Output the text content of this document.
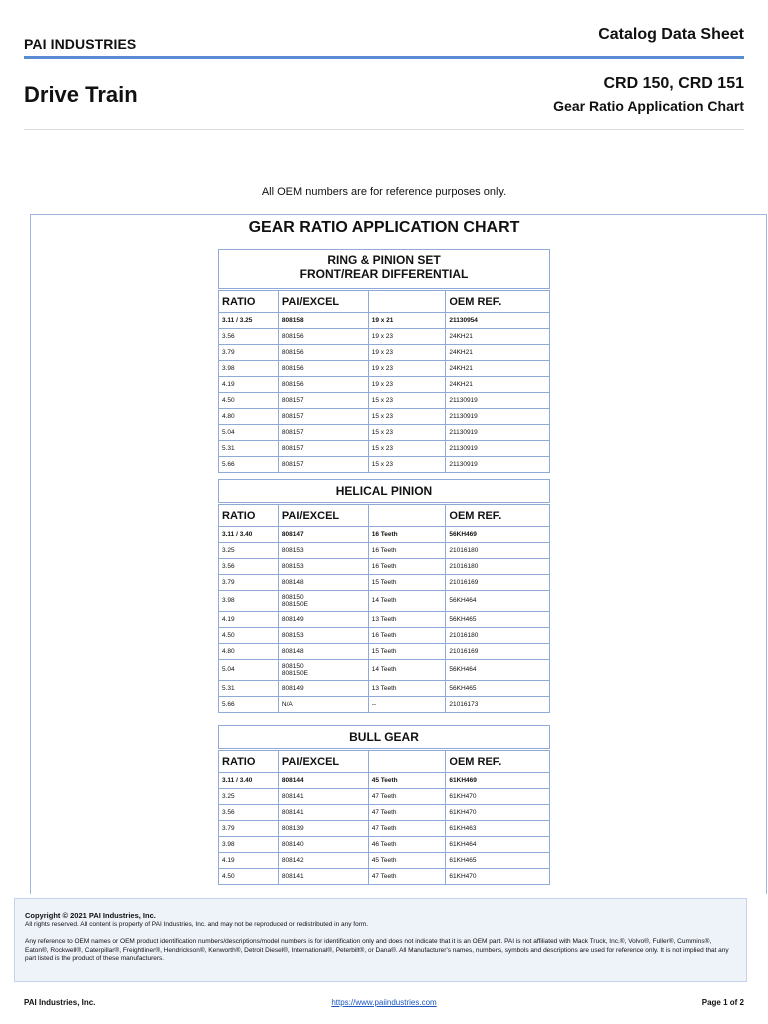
PAI INDUSTRIES
Catalog Data Sheet
Drive Train	CRD 150, CRD 151
Gear Ratio Application Chart
All OEM numbers are for reference purposes only.
GEAR RATIO APPLICATION CHART
RING & PINION SET
FRONT/REAR DIFFERENTIAL
RATIO	PAI/EXCEL		OEM REF.
3.11 / 3.25	808158	19 x 21	21130954
3.56	808156	19 x 23	24KH21
3.79	808156	19 x 23	24KH21
3.98	808156	19 x 23	24KH21
4.19	808156	19 x 23	24KH21
4.50	808157	15 x 23	21130919
4.80	808157	15 x 23	21130919
5.04	808157	15 x 23	21130919
5.31	808157	15 x 23	21130919
5.66	808157	15 x 23	21130919
HELICAL PINION
RATIO	PAI/EXCEL		OEM REF.
3.11 / 3.40	808147	16 Teeth	56KH469
3.25	808153	16 Teeth	21016180
3.56	808153	16 Teeth	21016180
3.79	808148	15 Teeth	21016169
3.98	808150
808150E	14 Teeth	56KH464
4.19	808149	13 Teeth	56KH465
4.50	808153	16 Teeth	21016180
4.80	808148	15 Teeth	21016169
5.04	808150
808150E	14 Teeth	56KH464
5.31	808149	13 Teeth	56KH465
5.66	N/A	--	21016173
BULL GEAR
RATIO	PAI/EXCEL		OEM REF.
3.11 / 3.40	808144	45 Teeth	61KH469
3.25	808141	47 Teeth	61KH470
3.56	808141	47 Teeth	61KH470
3.79	808139	47 Teeth	61KH463
3.98	808140	46 Teeth	61KH464
4.19	808142	45 Teeth	61KH465
4.50	808141	47 Teeth	61KH470

Copyright © 2021 PAI Industries, Inc.

All rights reserved. All content is property of PAI Industries, Inc. and may not be reproduced or redistributed in any form.

Any reference to OEM names or OEM product identification numbers/descriptions/model numbers is for identification only and does not indicate that it is an OEM part. PAI is not affiliated with Mack Truck, Inc.®, Volvo®, Fuller®, Cummins®, Eaton®, Rockwell®, Caterpillar®, Freightliner®, Hendrickson®, Kenworth®, Detroit Diesel®, International®, Peterbilt®, or Dana®. All Manufacturer's names, numbers, symbols and descriptions are used for reference only. It is not implied that any part listed is the product of these manufacturers.

PAI Industries, Inc.	https://www.paiindustries.com	Page 1 of 2
